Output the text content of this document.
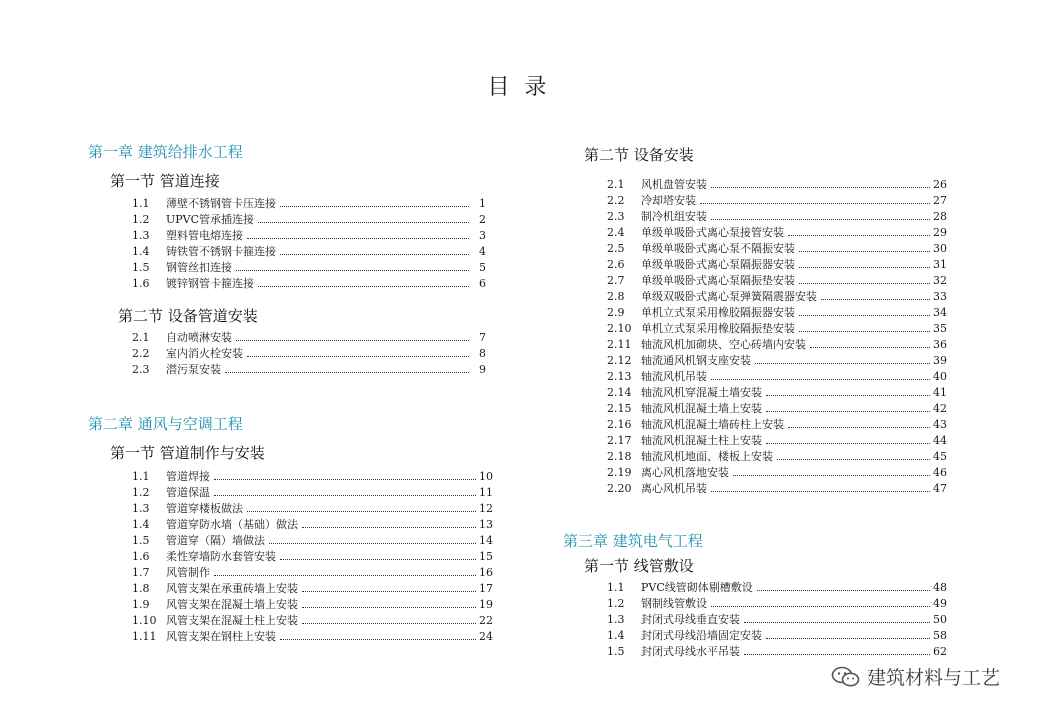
目 录
第一章 建筑给排水工程
第一节 管道连接
1.1	薄壁不锈钢管卡压连接	1
1.2	UPVC管承插连接	2
1.3	塑料管电熔连接	3
1.4	铸铁管不锈钢卡箍连接	4
1.5	钢管丝扣连接	5
1.6	镀锌钢管卡箍连接	6
第二节 设备管道安装
2.1	自动喷淋安装	7
2.2	室内消火栓安装	8
2.3	潜污泵安装	9
第二章 通风与空调工程
第一节 管道制作与安装
1.1	管道焊接	10
1.2	管道保温	11
1.3	管道穿楼板做法	12
1.4	管道穿防水墙（基础）做法	13
1.5	管道穿（隔）墙做法	14
1.6	柔性穿墙防水套管安装	15
1.7	风管制作	16
1.8	风管支架在承重砖墙上安装	17
1.9	风管支架在混凝土墙上安装	19
1.10 风管支架在混凝土柱上安装	22
1.11 风管支架在钢柱上安装	24
第二节 设备安装
2.1	风机盘管安装	26
2.2	冷却塔安装	27
2.3	制冷机组安装	28
2.4	单级单吸卧式离心泵接管安装	29
2.5	单级单吸卧式离心泵不隔振安装	30
2.6	单级单吸卧式离心泵隔振器安装	31
2.7	单级单吸卧式离心泵隔振垫安装	32
2.8	单级双吸卧式离心泵弹簧隔震器安装	33
2.9	单机立式泵采用橡胶隔振器安装	34
2.10 单机立式泵采用橡胶隔振垫安装	35
2.11 轴流风机加砌块、空心砖墙内安装	36
2.12 轴流通风机钢支座安装	39
2.13 轴流风机吊装	40
2.14 轴流风机穿混凝土墙安装	41
2.15 轴流风机混凝土墙上安装	42
2.16 轴流风机混凝土墙砖柱上安装	43
2.17 轴流风机混凝土柱上安装	44
2.18 轴流风机地面、楼板上安装	45
2.19 离心风机落地安装	46
2.20 离心风机吊装	47
第三章 建筑电气工程
第一节 线管敷设
1.1	PVC线管砌体剔槽敷设	48
1.2	钢制线管敷设	49
1.3	封闭式母线垂直安装	50
1.4	封闭式母线沿墙固定安装	58
1.5	封闭式母线水平吊装	62
建筑材料与工艺
